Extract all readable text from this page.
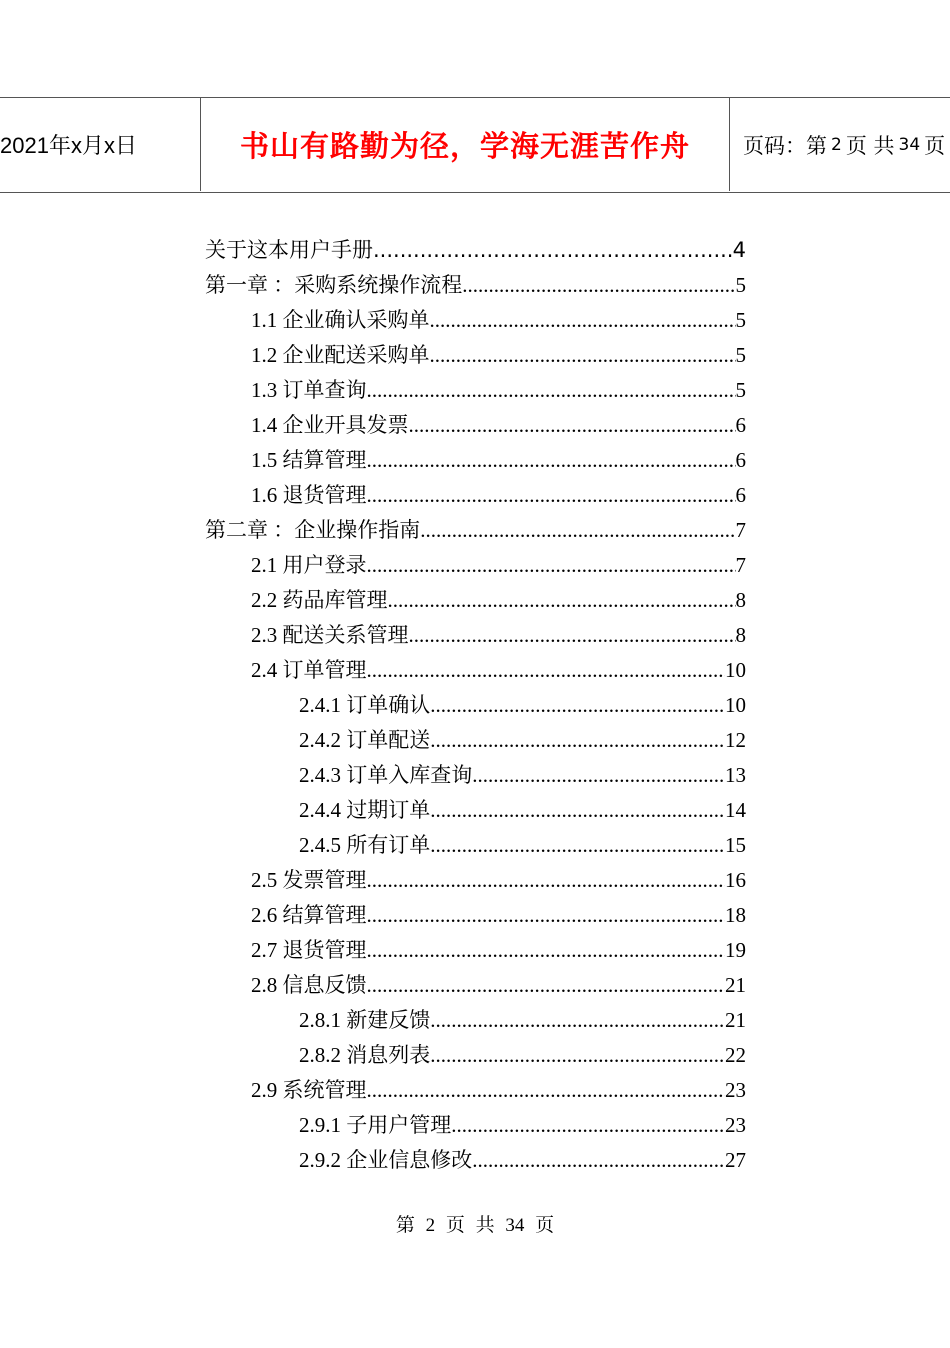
2021年x月x日	书山有路勤为径，学海无涯苦作舟	页码：第 2 页 共 34 页
关于这本用户手册 .....	4
第一章 ：采购系统操作流程 .....	5
1.1 企业确认采购单 .....	5
1.2 企业配送采购单 .....	5
1.3 订单查询 .....	5
1.4 企业开具发票 .....	6
1.5 结算管理 .....	6
1.6 退货管理 .....	6
第二章 ：企业操作指南 .....	7
2.1 用户登录 .....	7
2.2 药品库管理 .....	8
2.3 配送关系管理 .....	8
2.4 订单管理 .....	10
2.4.1 订单确认 .....	10
2.4.2 订单配送 .....	12
2.4.3 订单入库查询 .....	13
2.4.4 过期订单 .....	14
2.4.5 所有订单 .....	15
2.5 发票管理 .....	16
2.6 结算管理 .....	18
2.7 退货管理 .....	19
2.8 信息反馈 .....	21
2.8.1 新建反馈 .....	21
2.8.2 消息列表 .....	22
2.9 系统管理 .....	23
2.9.1 子用户管理 .....	23
2.9.2 企业信息修改 .....	27
第 2 页 共 34 页
